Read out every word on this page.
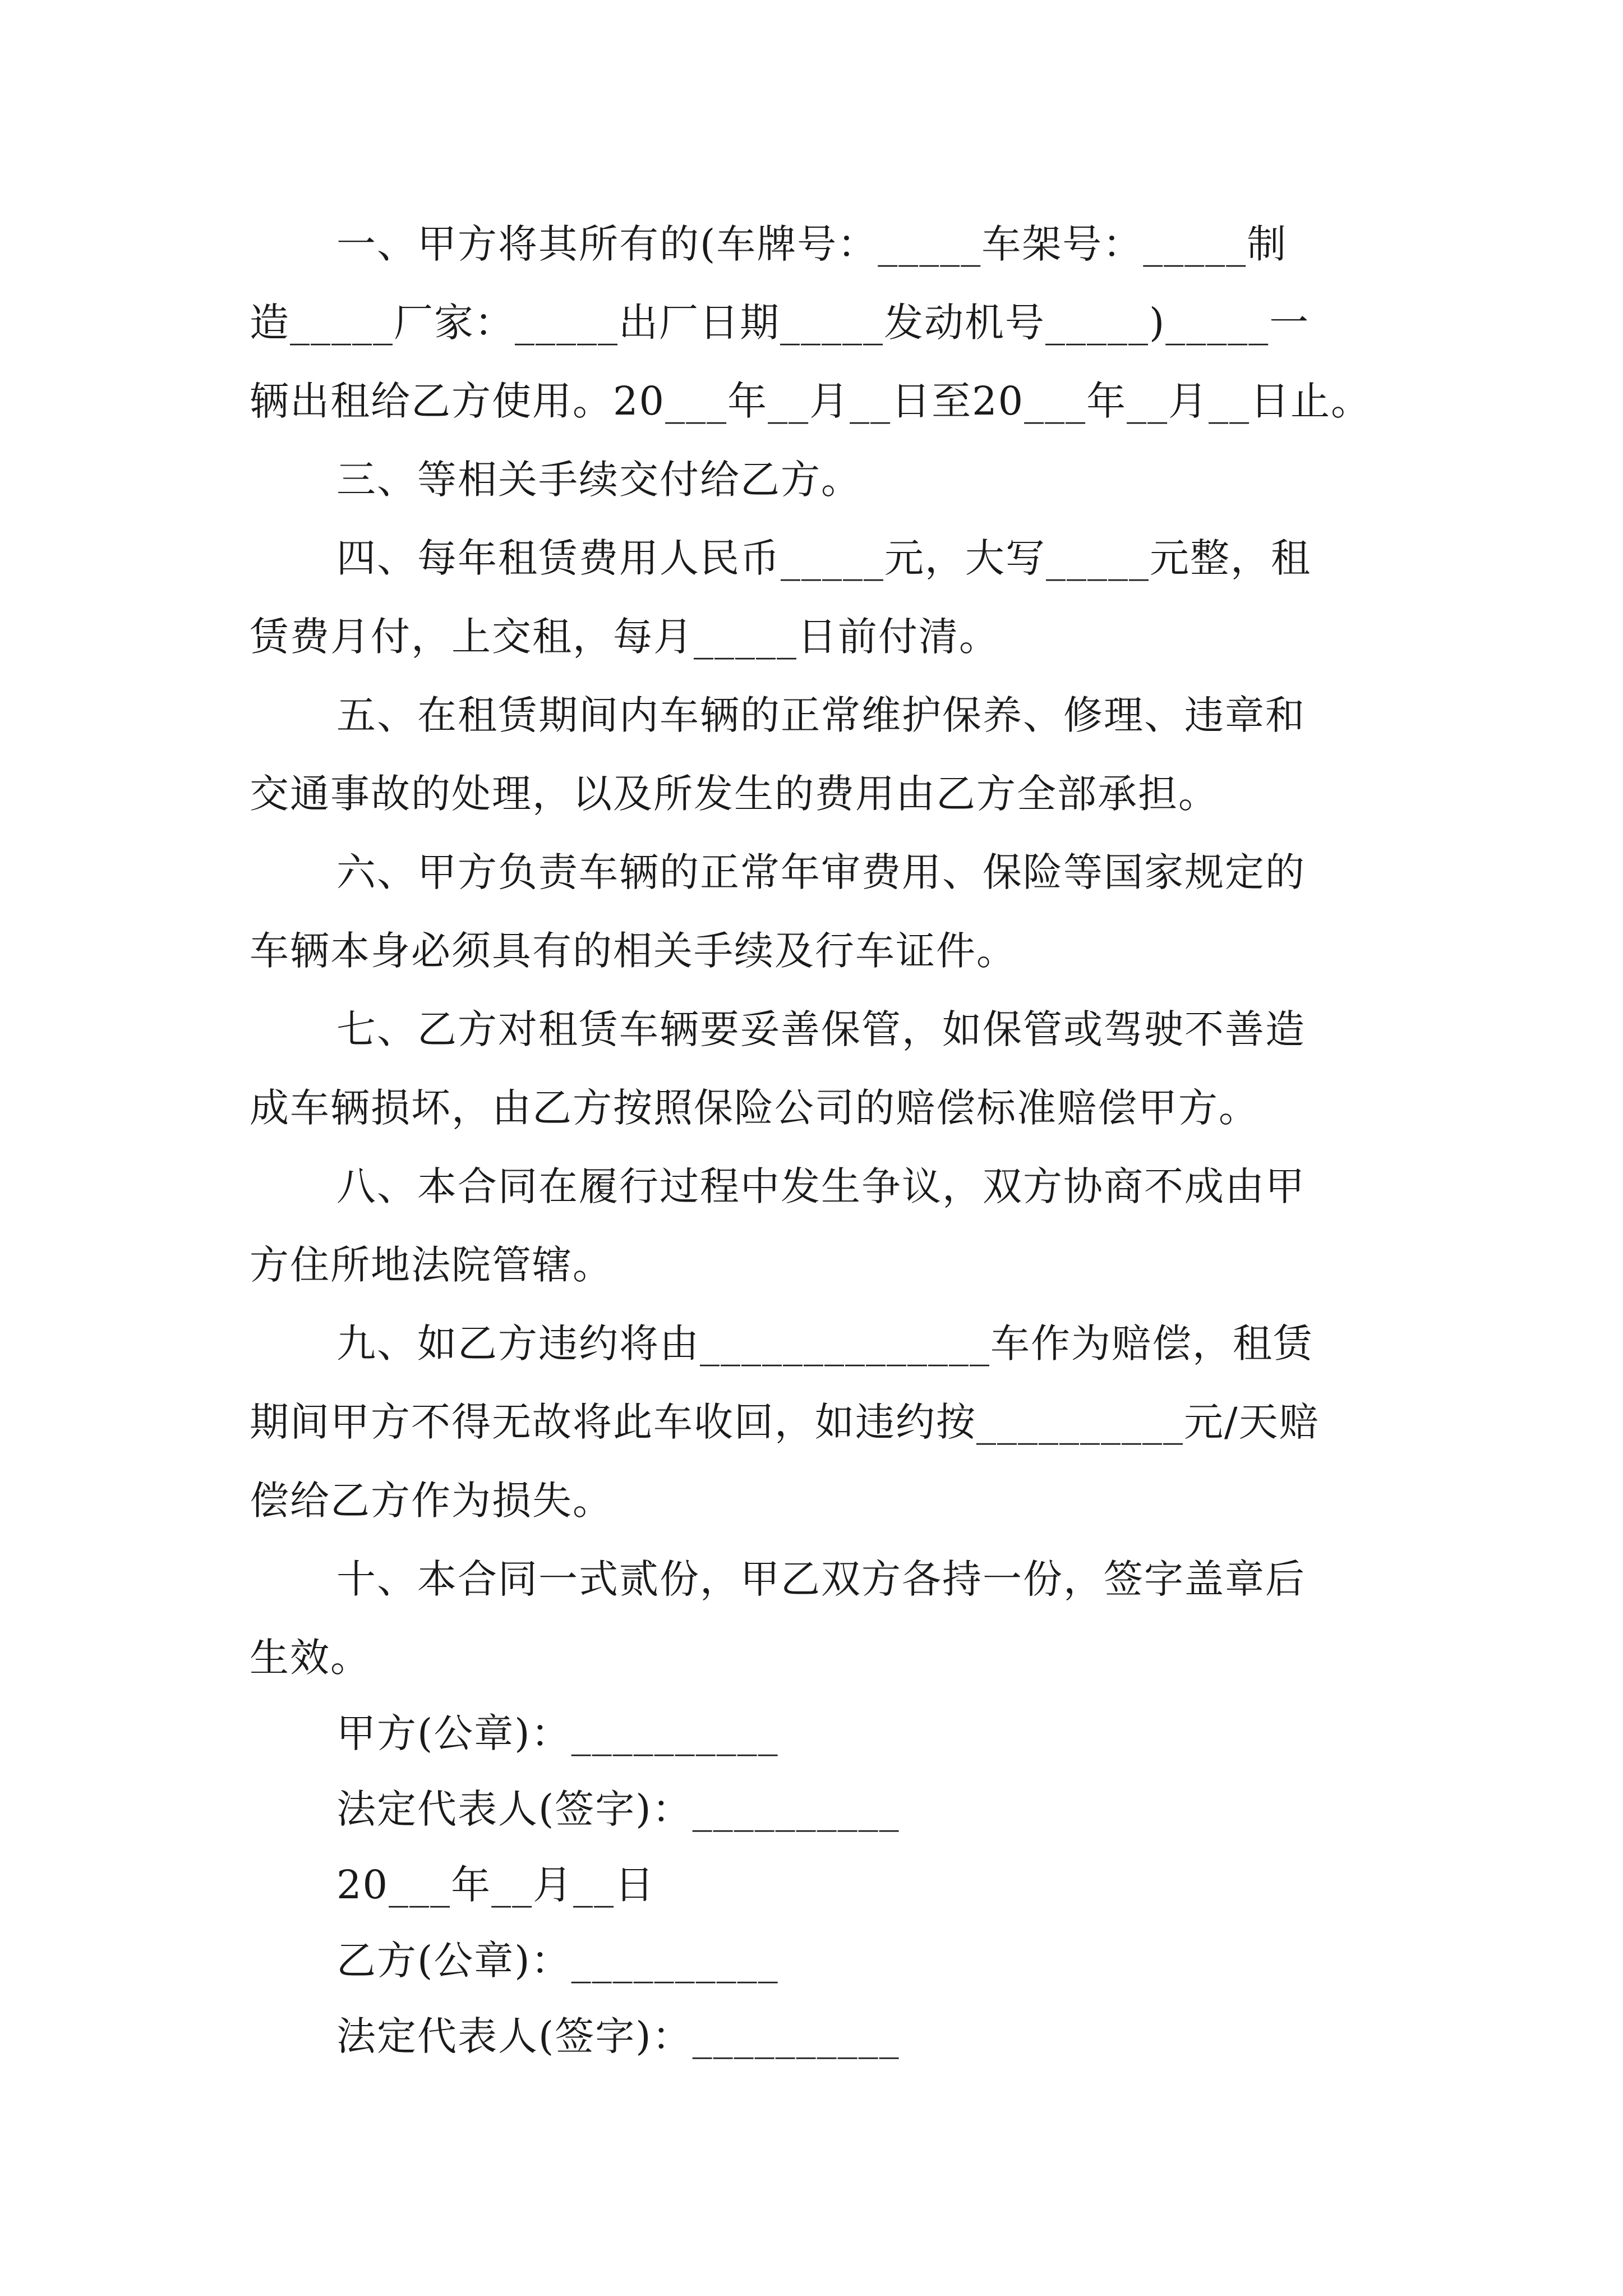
一、甲方将其所有的(车牌号：_____车架号：_____制
造_____厂家：_____出厂日期_____发动机号_____)_____一
辆出租给乙方使用。20___年__月__日至20___年__月__日止。
三、等相关手续交付给乙方。
四、每年租赁费用人民币_____元，大写_____元整，租
赁费月付，上交租，每月_____日前付清。
五、在租赁期间内车辆的正常维护保养、修理、违章和
交通事故的处理，以及所发生的费用由乙方全部承担。
六、甲方负责车辆的正常年审费用、保险等国家规定的
车辆本身必须具有的相关手续及行车证件。
七、乙方对租赁车辆要妥善保管，如保管或驾驶不善造
成车辆损坏，由乙方按照保险公司的赔偿标准赔偿甲方。
八、本合同在履行过程中发生争议，双方协商不成由甲
方住所地法院管辖。
九、如乙方违约将由______________车作为赔偿，租赁
期间甲方不得无故将此车收回，如违约按__________元/天赔
偿给乙方作为损失。
十、本合同一式贰份，甲乙双方各持一份，签字盖章后
生效。
甲方(公章)：__________
法定代表人(签字)：__________
20___年__月__日
乙方(公章)：__________
法定代表人(签字)：__________
